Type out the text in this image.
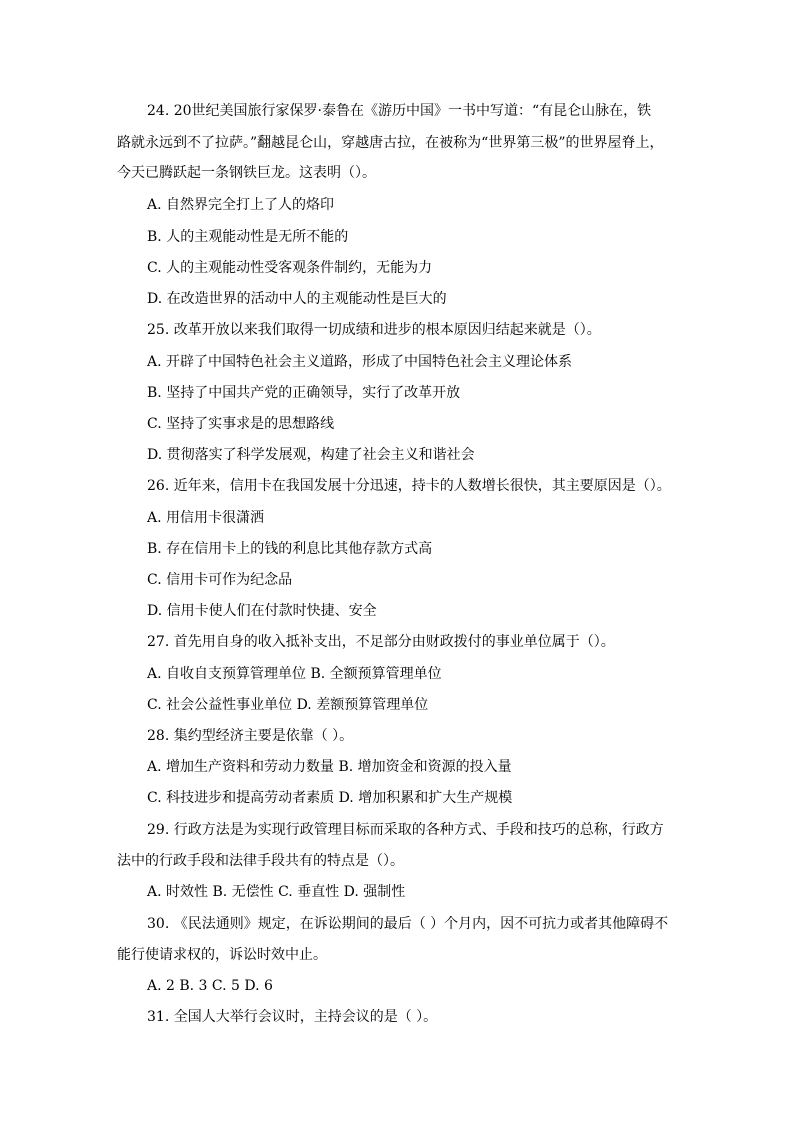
24. 20世纪美国旅行家保罗·泰鲁在《游历中国》一书中写道：“有昆仑山脉在，铁
路就永远到不了拉萨。”翻越昆仑山，穿越唐古拉，在被称为“世界第三极”的世界屋脊上，
今天已腾跃起一条钢铁巨龙。这表明（）。
A. 自然界完全打上了人的烙印
B. 人的主观能动性是无所不能的
C. 人的主观能动性受客观条件制约，无能为力
D. 在改造世界的活动中人的主观能动性是巨大的
25. 改革开放以来我们取得一切成绩和进步的根本原因归结起来就是（）。
A. 开辟了中国特色社会主义道路，形成了中国特色社会主义理论体系
B. 坚持了中国共产党的正确领导，实行了改革开放
C. 坚持了实事求是的思想路线
D. 贯彻落实了科学发展观，构建了社会主义和谐社会
26. 近年来，信用卡在我国发展十分迅速，持卡的人数增长很快，其主要原因是（）。
A. 用信用卡很潇洒
B. 存在信用卡上的钱的利息比其他存款方式高
C. 信用卡可作为纪念品
D. 信用卡使人们在付款时快捷、安全
27. 首先用自身的收入抵补支出，不足部分由财政拨付的事业单位属于（）。
A. 自收自支预算管理单位 B. 全额预算管理单位
C. 社会公益性事业单位 D. 差额预算管理单位
28. 集约型经济主要是依靠（ ）。
A. 增加生产资料和劳动力数量 B. 增加资金和资源的投入量
C. 科技进步和提高劳动者素质 D. 增加积累和扩大生产规模
29. 行政方法是为实现行政管理目标而采取的各种方式、手段和技巧的总称，行政方
法中的行政手段和法律手段共有的特点是（）。
A. 时效性 B. 无偿性 C. 垂直性 D. 强制性
30. 《民法通则》规定，在诉讼期间的最后（ ）个月内，因不可抗力或者其他障碍不
能行使请求权的，诉讼时效中止。
A. 2 B. 3 C. 5 D. 6
31. 全国人大举行会议时，主持会议的是（ ）。
